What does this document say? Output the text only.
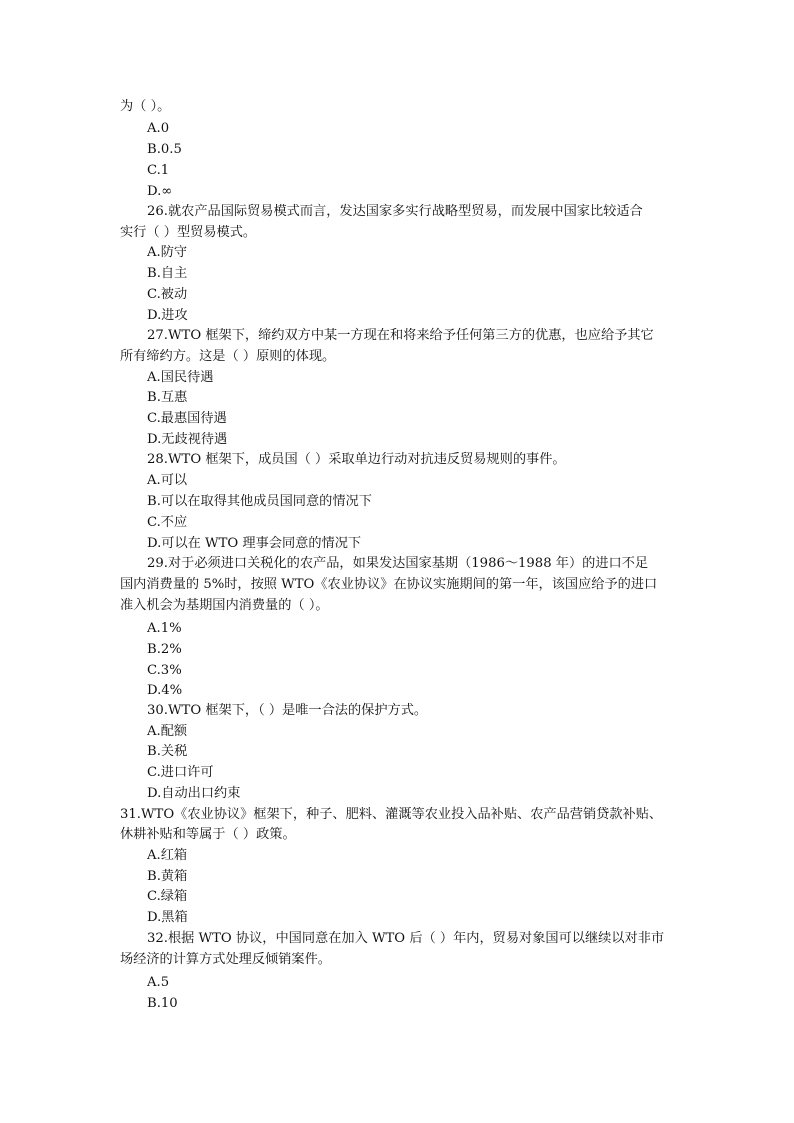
为（ ）。
A.0
B.0.5
C.1
D.∞
26.就农产品国际贸易模式而言，发达国家多实行战略型贸易，而发展中国家比较适合
实行（ ）型贸易模式。
A.防守
B.自主
C.被动
D.进攻
27.WTO 框架下，缔约双方中某一方现在和将来给予任何第三方的优惠，也应给予其它
所有缔约方。这是（ ）原则的体现。
A.国民待遇
B.互惠
C.最惠国待遇
D.无歧视待遇
28.WTO 框架下，成员国（ ）采取单边行动对抗违反贸易规则的事件。
A.可以
B.可以在取得其他成员国同意的情况下
C.不应
D.可以在 WTO 理事会同意的情况下
29.对于必须进口关税化的农产品，如果发达国家基期（1986～1988 年）的进口不足
国内消费量的 5%时，按照 WTO《农业协议》在协议实施期间的第一年，该国应给予的进口
准入机会为基期国内消费量的（ ）。
A.1%
B.2%
C.3%
D.4%
30.WTO 框架下，（ ）是唯一合法的保护方式。
A.配额
B.关税
C.进口许可
D.自动出口约束
31.WTO《农业协议》框架下，种子、肥料、灌溉等农业投入品补贴、农产品营销贷款补贴、
休耕补贴和等属于（ ）政策。
A.红箱
B.黄箱
C.绿箱
D.黑箱
32.根据 WTO 协议，中国同意在加入 WTO 后（ ）年内，贸易对象国可以继续以对非市
场经济的计算方式处理反倾销案件。
A.5
B.10
